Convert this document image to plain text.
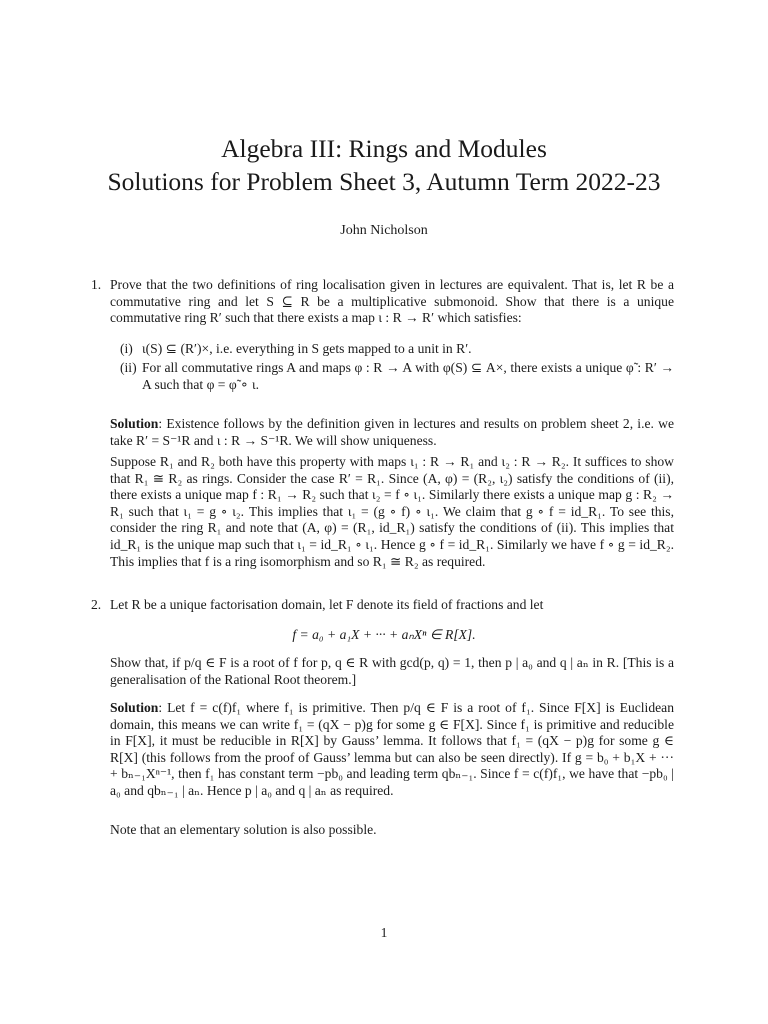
Algebra III: Rings and Modules
Solutions for Problem Sheet 3, Autumn Term 2022-23
John Nicholson
1. Prove that the two definitions of ring localisation given in lectures are equivalent. That is, let R be a commutative ring and let S ⊆ R be a multiplicative submonoid. Show that there is a unique commutative ring R′ such that there exists a map ι : R → R′ which satisfies:

(i) ι(S) ⊆ (R′)×, i.e. everything in S gets mapped to a unit in R′.
(ii) For all commutative rings A and maps φ : R → A with φ(S) ⊆ A×, there exists a unique φ̃ : R′ → A such that φ = φ̃ ∘ ι.

Solution: Existence follows by the definition given in lectures and results on problem sheet 2, i.e. we take R′ = S⁻¹R and ι : R → S⁻¹R. We will show uniqueness.

Suppose R₁ and R₂ both have this property with maps ι₁ : R → R₁ and ι₂ : R → R₂. It suffices to show that R₁ ≅ R₂ as rings. Consider the case R′ = R₁. Since (A, φ) = (R₂, ι₂) satisfy the conditions of (ii), there exists a unique map f : R₁ → R₂ such that ι₂ = f ∘ ι₁. Similarly there exists a unique map g : R₂ → R₁ such that ι₁ = g ∘ ι₂. This implies that ι₁ = (g ∘ f) ∘ ι₁. We claim that g ∘ f = id_R₁. To see this, consider the ring R₁ and note that (A, φ) = (R₁, id_R₁) satisfy the conditions of (ii). This implies that id_R₁ is the unique map such that ι₁ = id_R₁ ∘ ι₁. Hence g ∘ f = id_R₁. Similarly we have f ∘ g = id_R₂. This implies that f is a ring isomorphism and so R₁ ≅ R₂ as required.

2. Let R be a unique factorisation domain, let F denote its field of fractions and let

f = a₀ + a₁X + ··· + aₙXⁿ ∈ R[X].

Show that, if p/q ∈ F is a root of f for p, q ∈ R with gcd(p, q) = 1, then p | a₀ and q | aₙ in R. [This is a generalisation of the Rational Root theorem.]

Solution: Let f = c(f)f₁ where f₁ is primitive. Then p/q ∈ F is a root of f₁. Since F[X] is Euclidean domain, this means we can write f₁ = (qX − p)g for some g ∈ F[X]. Since f₁ is primitive and reducible in F[X], it must be reducible in R[X] by Gauss’ lemma. It follows that f₁ = (qX − p)g for some g ∈ R[X] (this follows from the proof of Gauss’ lemma but can also be seen directly). If g = b₀ + b₁X + ··· + bₙ₋₁Xⁿ⁻¹, then f₁ has constant term −pb₀ and leading term qbₙ₋₁. Since f = c(f)f₁, we have that −pb₀ | a₀ and qbₙ₋₁ | aₙ. Hence p | a₀ and q | aₙ as required.

Note that an elementary solution is also possible.

1
